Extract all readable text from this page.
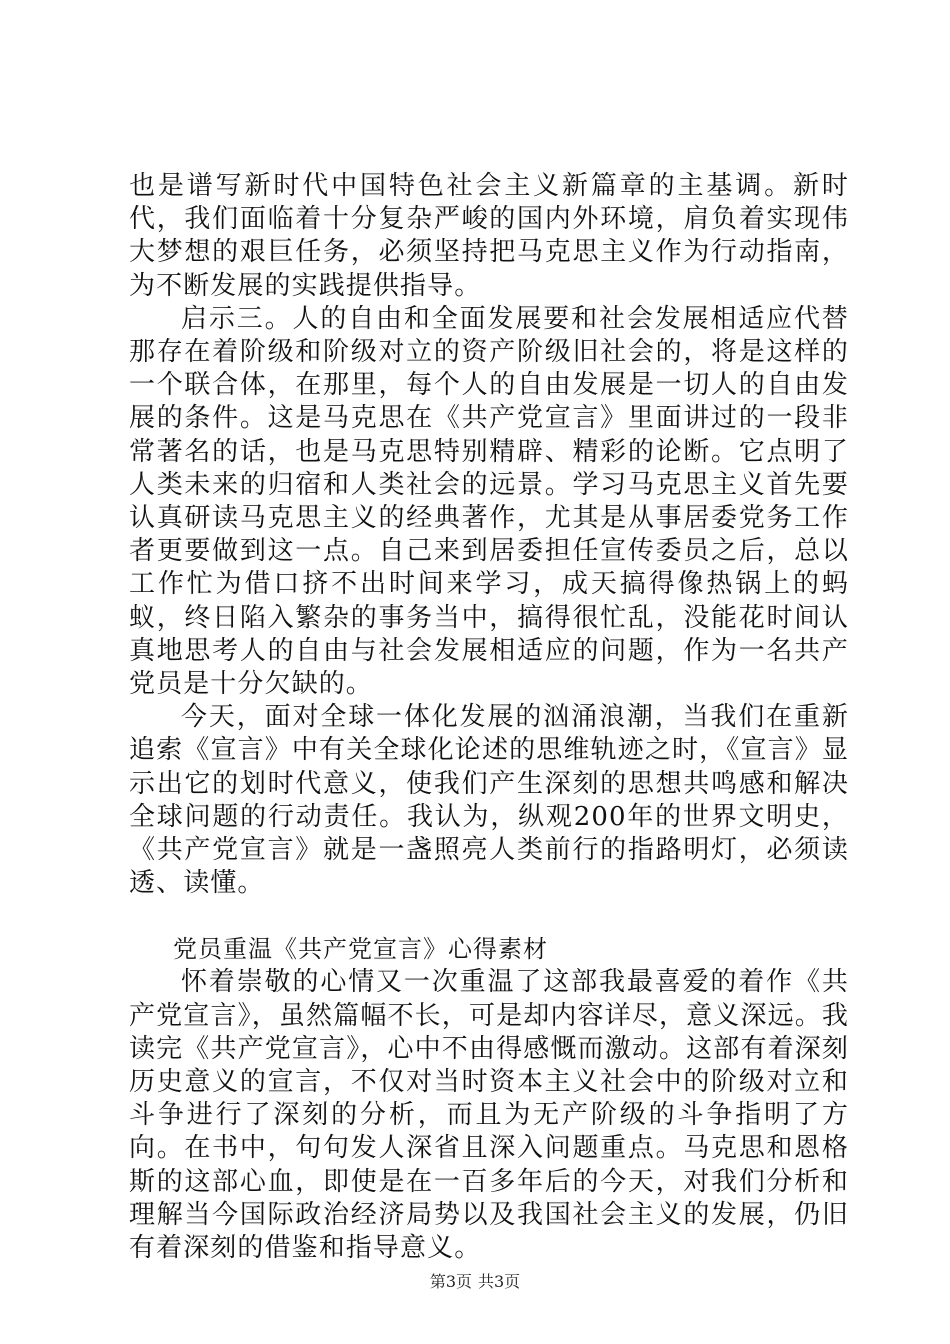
也是谱写新时代中国特色社会主义新篇章的主基调。新时代，我们面临着十分复杂严峻的国内外环境，肩负着实现伟大梦想的艰巨任务，必须坚持把马克思主义作为行动指南，为不断发展的实践提供指导。

启示三。人的自由和全面发展要和社会发展相适应代替那存在着阶级和阶级对立的资产阶级旧社会的，将是这样的一个联合体，在那里，每个人的自由发展是一切人的自由发展的条件。这是马克思在《共产党宣言》里面讲过的一段非常著名的话，也是马克思特别精辟、精彩的论断。它点明了人类未来的归宿和人类社会的远景。学习马克思主义首先要认真研读马克思主义的经典著作，尤其是从事居委党务工作者更要做到这一点。自己来到居委担任宣传委员之后，总以工作忙为借口挤不出时间来学习，成天搞得像热锅上的蚂蚁，终日陷入繁杂的事务当中，搞得很忙乱，没能花时间认真地思考人的自由与社会发展相适应的问题，作为一名共产党员是十分欠缺的。

今天，面对全球一体化发展的汹涌浪潮，当我们在重新追索《宣言》中有关全球化论述的思维轨迹之时，《宣言》显示出它的划时代意义，使我们产生深刻的思想共鸣感和解决全球问题的行动责任。我认为，纵观200年的世界文明史，《共产党宣言》就是一盏照亮人类前行的指路明灯，必须读透、读懂。

党员重温《共产党宣言》心得素材

怀着崇敬的心情又一次重温了这部我最喜爱的着作《共产党宣言》，虽然篇幅不长，可是却内容详尽，意义深远。我读完《共产党宣言》，心中不由得感慨而激动。这部有着深刻历史意义的宣言，不仅对当时资本主义社会中的阶级对立和斗争进行了深刻的分析，而且为无产阶级的斗争指明了方向。在书中，句句发人深省且深入问题重点。马克思和恩格斯的这部心血，即使是在一百多年后的今天，对我们分析和理解当今国际政治经济局势以及我国社会主义的发展，仍旧有着深刻的借鉴和指导意义。

第3页 共3页
